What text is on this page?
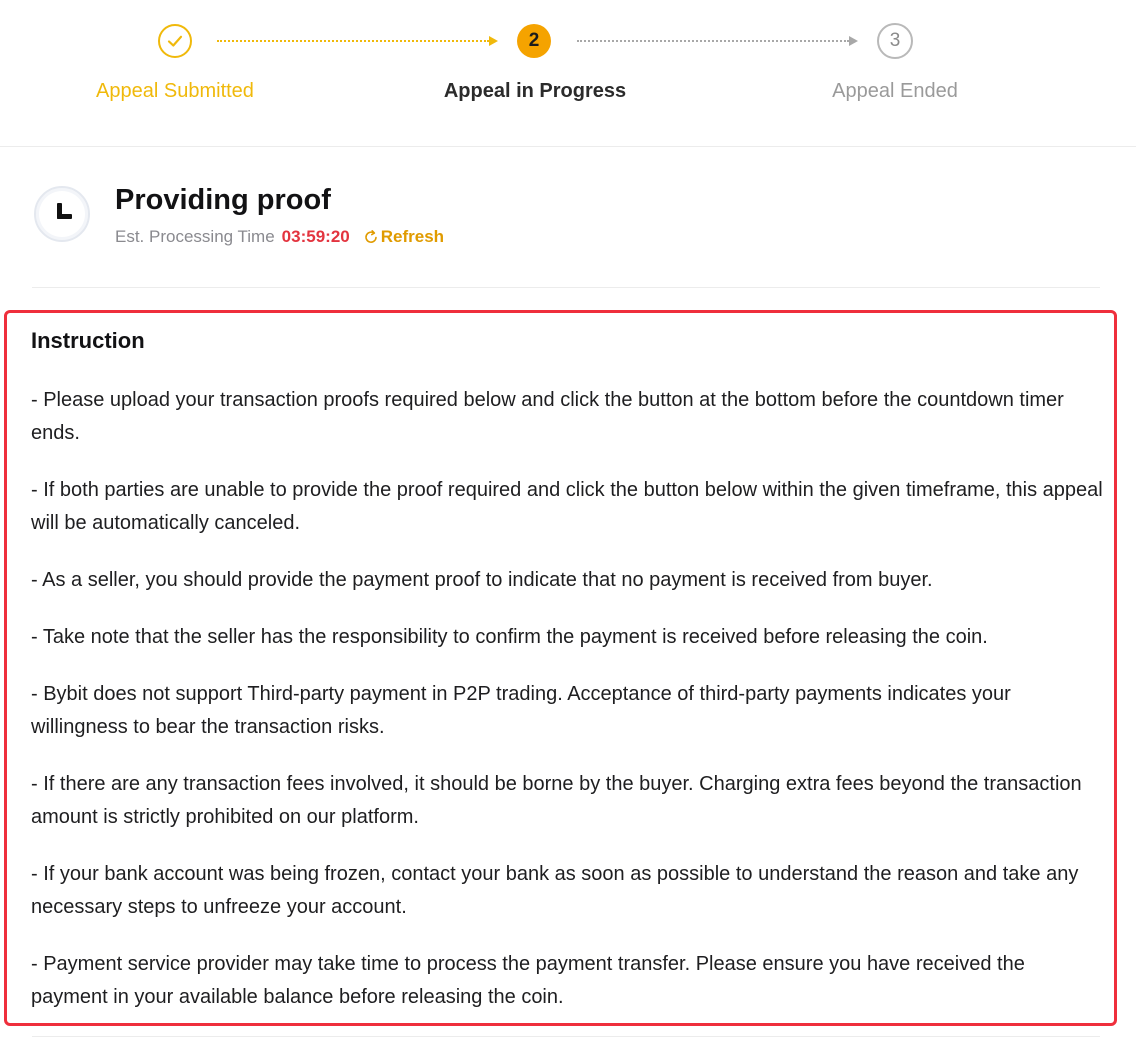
2	3
Appeal Submitted	Appeal in Progress	Appeal Ended
Providing proof
Est. Processing Time 03:59:20 Refresh
Instruction
- Please upload your transaction proofs required below and click the button at the bottom before the countdown timer ends.
- If both parties are unable to provide the proof required and click the button below within the given timeframe, this appeal will be automatically canceled.
- As a seller, you should provide the payment proof to indicate that no payment is received from buyer.
- Take note that the seller has the responsibility to confirm the payment is received before releasing the coin.
- Bybit does not support Third-party payment in P2P trading. Acceptance of third-party payments indicates your willingness to bear the transaction risks.
- If there are any transaction fees involved, it should be borne by the buyer. Charging extra fees beyond the transaction amount is strictly prohibited on our platform.
- If your bank account was being frozen, contact your bank as soon as possible to understand the reason and take any necessary steps to unfreeze your account.
- Payment service provider may take time to process the payment transfer. Please ensure you have received the payment in your available balance before releasing the coin.
